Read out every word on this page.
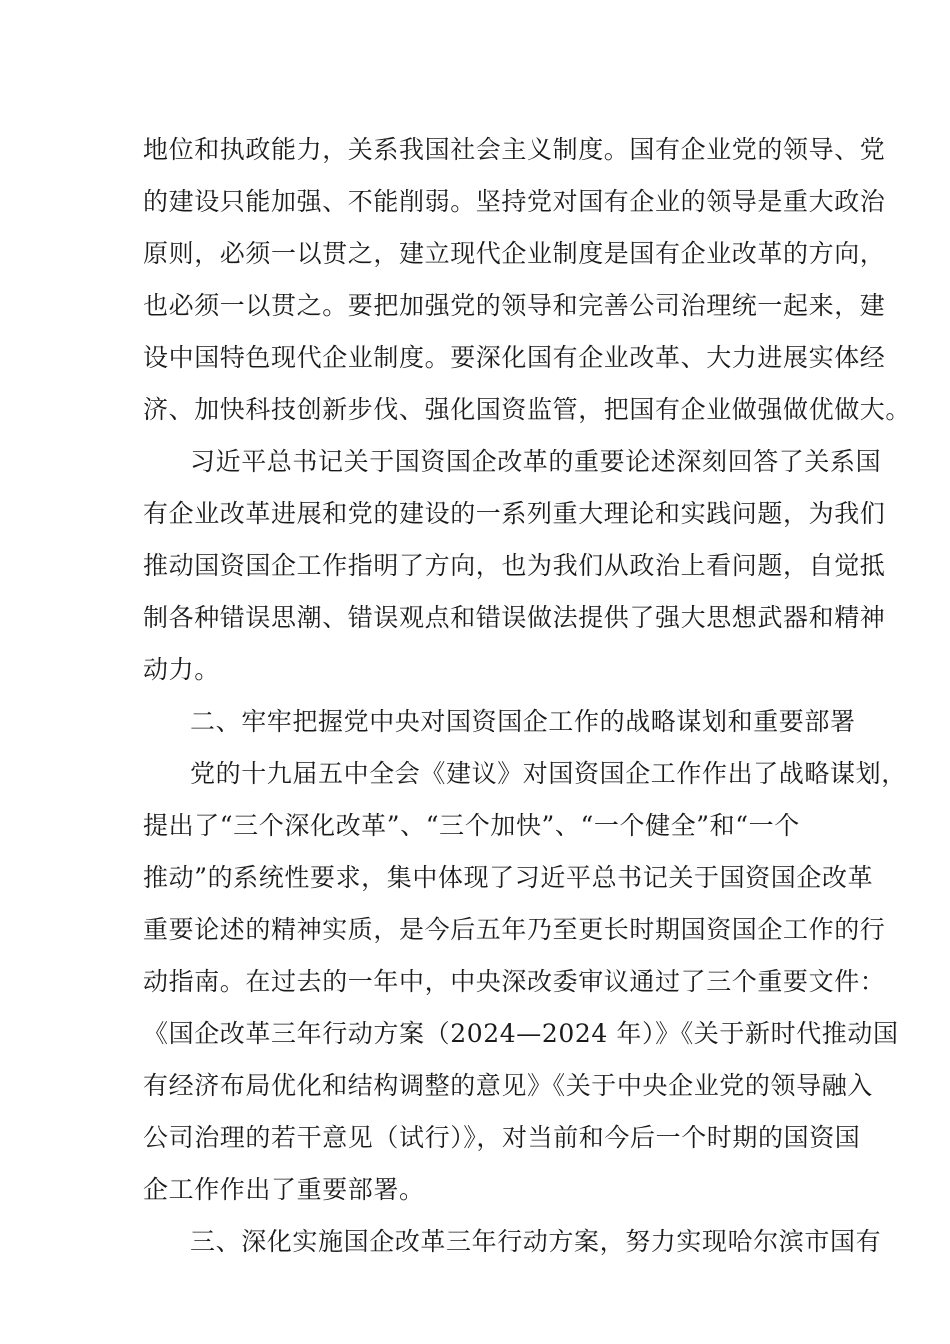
地位和执政能力，关系我国社会主义制度。国有企业党的领导、党
的建设只能加强、不能削弱。坚持党对国有企业的领导是重大政治
原则，必须一以贯之，建立现代企业制度是国有企业改革的方向，
也必须一以贯之。要把加强党的领导和完善公司治理统一起来，建
设中国特色现代企业制度。要深化国有企业改革、大力进展实体经
济、加快科技创新步伐、强化国资监管，把国有企业做强做优做大。
习近平总书记关于国资国企改革的重要论述深刻回答了关系国
有企业改革进展和党的建设的一系列重大理论和实践问题，为我们
推动国资国企工作指明了方向，也为我们从政治上看问题，自觉抵
制各种错误思潮、错误观点和错误做法提供了强大思想武器和精神
动力。
二、牢牢把握党中央对国资国企工作的战略谋划和重要部署
党的十九届五中全会《建议》对国资国企工作作出了战略谋划，
提出了“三个深化改革”、“三个加快”、“一个健全”和“一个
推动”的系统性要求，集中体现了习近平总书记关于国资国企改革
重要论述的精神实质，是今后五年乃至更长时期国资国企工作的行
动指南。在过去的一年中，中央深改委审议通过了三个重要文件：
《国企改革三年行动方案（2024—2024 年）》《关于新时代推动国
有经济布局优化和结构调整的意见》《关于中央企业党的领导融入
公司治理的若干意见（试行）》，对当前和今后一个时期的国资国
企工作作出了重要部署。
三、深化实施国企改革三年行动方案，努力实现哈尔滨市国有
